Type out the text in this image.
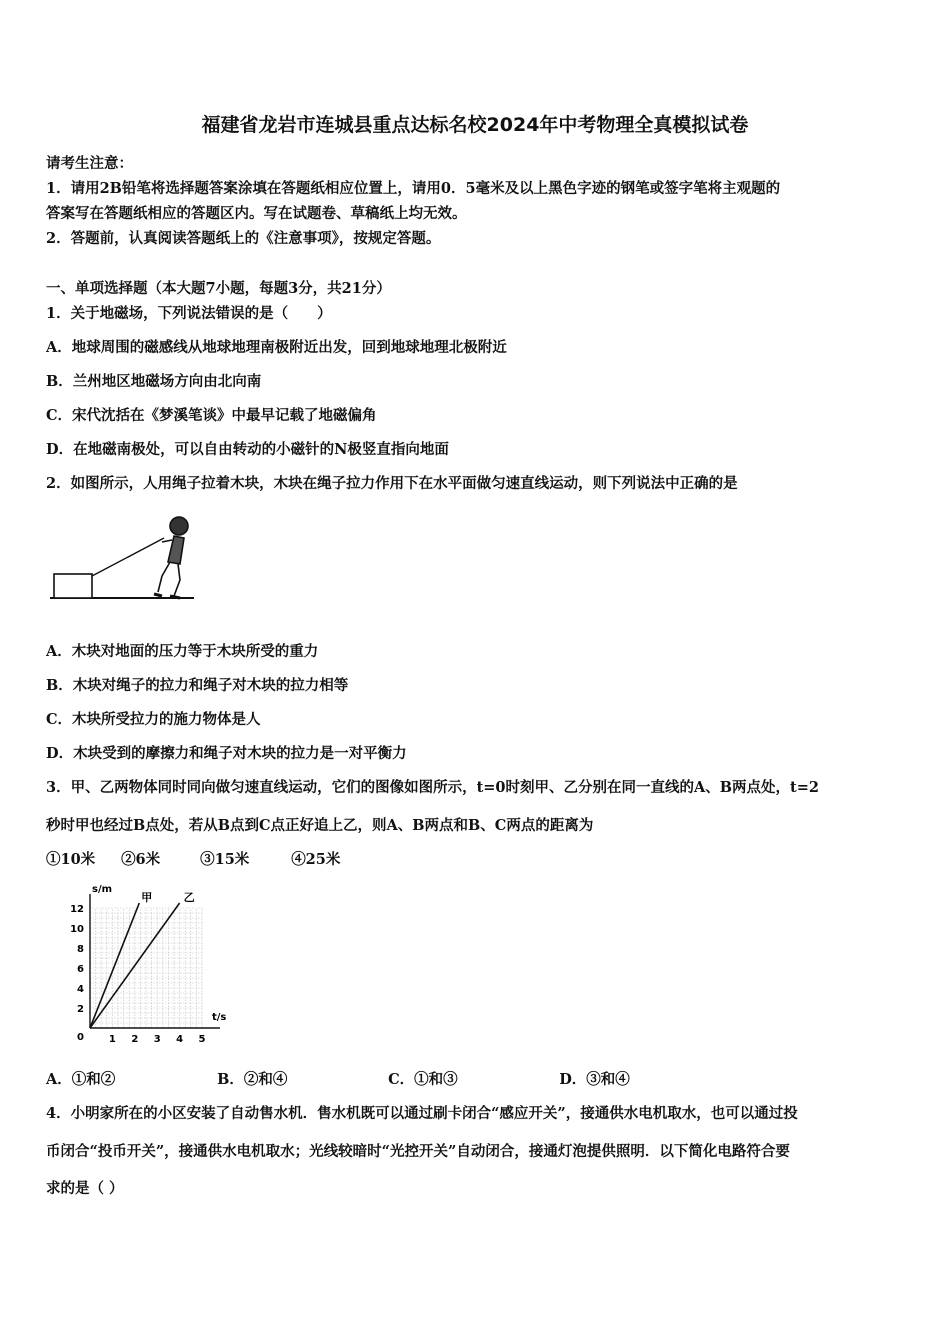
福建省龙岩市连城县重点达标名校2024年中考物理全真模拟试卷
请考生注意：
1．请用2B铅笔将选择题答案涂填在答题纸相应位置上，请用0．5毫米及以上黑色字迹的钢笔或签字笔将主观题的
答案写在答题纸相应的答题区内。写在试题卷、草稿纸上均无效。
2．答题前，认真阅读答题纸上的《注意事项》，按规定答题。
一、单项选择题（本大题7小题，每题3分，共21分）
1．关于地磁场，下列说法错误的是（　　）
A．地球周围的磁感线从地球地理南极附近出发，回到地球地理北极附近
B．兰州地区地磁场方向由北向南
C．宋代沈括在《梦溪笔谈》中最早记载了地磁偏角
D．在地磁南极处，可以自由转动的小磁针的N极竖直指向地面
2．如图所示，人用绳子拉着木块，木块在绳子拉力作用下在水平面做匀速直线运动，则下列说法中正确的是
A．木块对地面的压力等于木块所受的重力
B．木块对绳子的拉力和绳子对木块的拉力相等
C．木块所受拉力的施力物体是人
D．木块受到的摩擦力和绳子对木块的拉力是一对平衡力
3．甲、乙两物体同时同向做匀速直线运动，它们的图像如图所示，t=0时刻甲、乙分别在同一直线的A、B两点处，t=2
秒时甲也经过B点处，若从B点到C点正好追上乙，则A、B两点和B、C两点的距离为
①10米 ②6米	③15米	④25米
1 2 3 4 5
0
2
4
6
8
10
12
t/s
s/m
甲	乙
A．①和②	B．②和④	C．①和③	D．③和④
4．小明家所在的小区安装了自动售水机．售水机既可以通过刷卡闭合“感应开关”，接通供水电机取水，也可以通过投
币闭合“投币开关”，接通供水电机取水；光线较暗时“光控开关”自动闭合，接通灯泡提供照明．以下简化电路符合要
求的是（ ）
